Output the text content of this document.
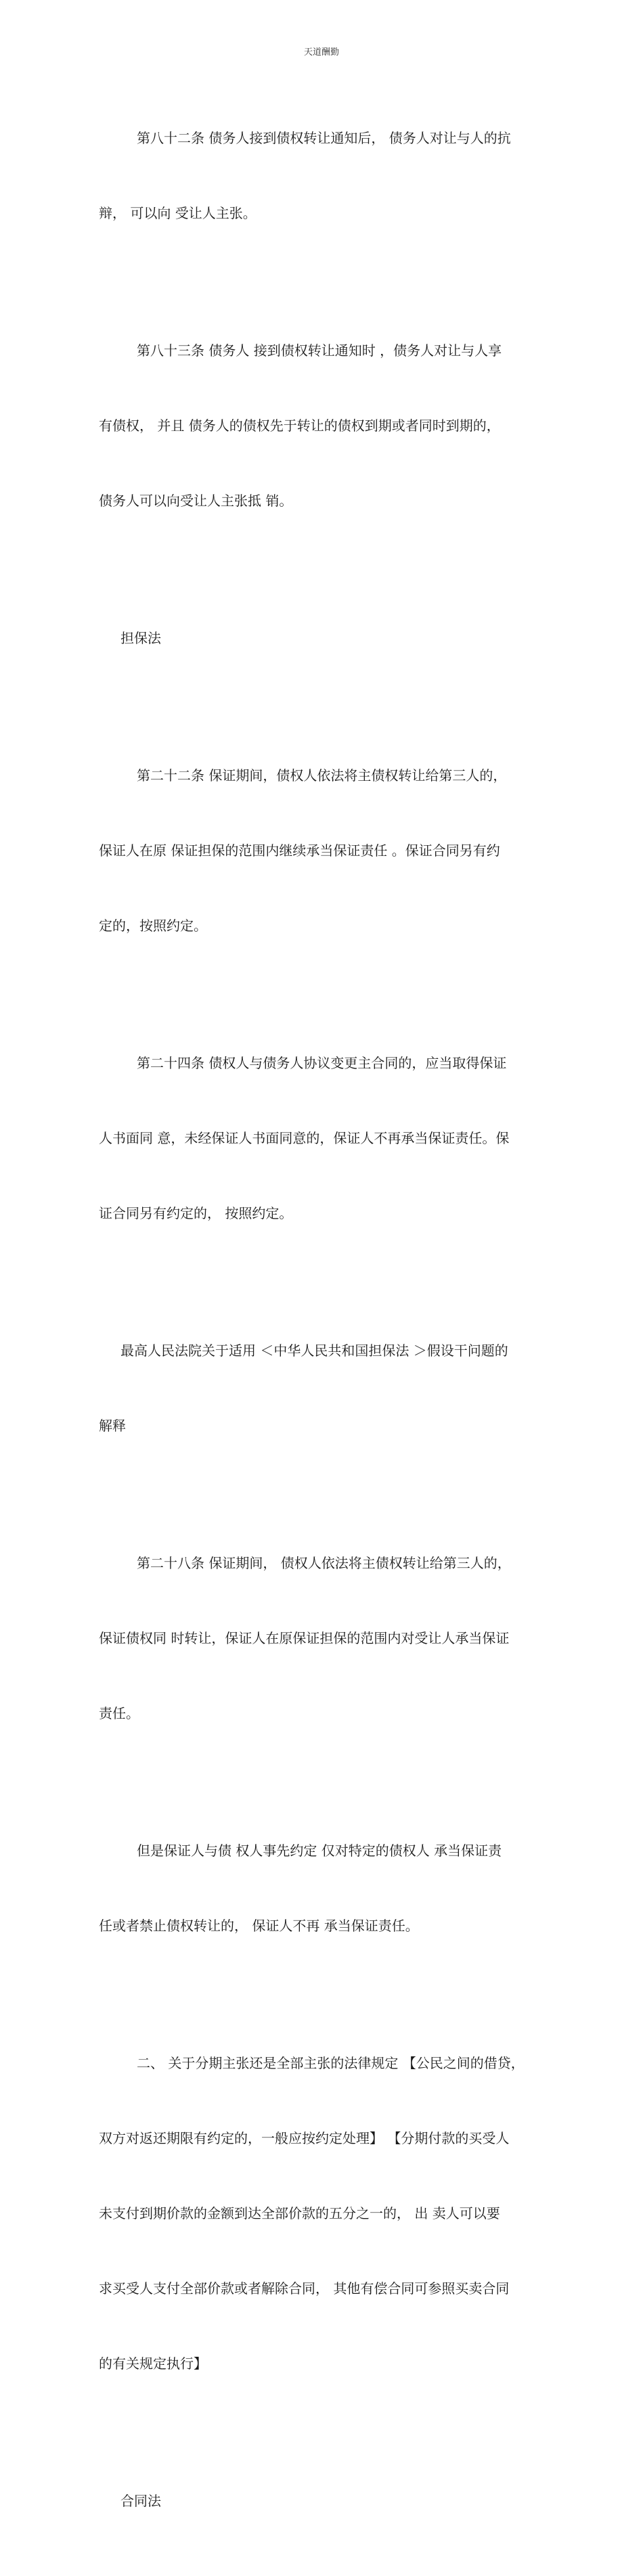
天道酬勤

第八十二条 债务人接到债权转让通知后， 债务人对让与人的抗

辩， 可以向 受让人主张。

第八十三条 债务人 接到债权转让通知时 ，债务人对让与人享

有债权， 并且 债务人的债权先于转让的债权到期或者同时到期的，

债务人可以向受让人主张抵 销。

担保法

第二十二条 保证期间，债权人依法将主债权转让给第三人的，

保证人在原 保证担保的范围内继续承当保证责任 。保证合同另有约

定的，按照约定。

第二十四条 债权人与债务人协议变更主合同的，应当取得保证

人书面同 意，未经保证人书面同意的，保证人不再承当保证责任。保

证合同另有约定的， 按照约定。

最高人民法院关于适用 ＜中华人民共和国担保法 ＞假设干问题的

解释

第二十八条 保证期间， 债权人依法将主债权转让给第三人的，

保证债权同 时转让，保证人在原保证担保的范围内对受让人承当保证

责任。

但是保证人与债 权人事先约定 仅对特定的债权人 承当保证责

任或者禁止债权转让的， 保证人不再 承当保证责任。

二、 关于分期主张还是全部主张的法律规定 【公民之间的借贷，

双方对返还期限有约定的，一般应按约定处理】 【分期付款的买受人

未支付到期价款的金额到达全部价款的五分之一的， 出 卖人可以要

求买受人支付全部价款或者解除合同， 其他有偿合同可参照买卖合同

的有关规定执行】

合同法
